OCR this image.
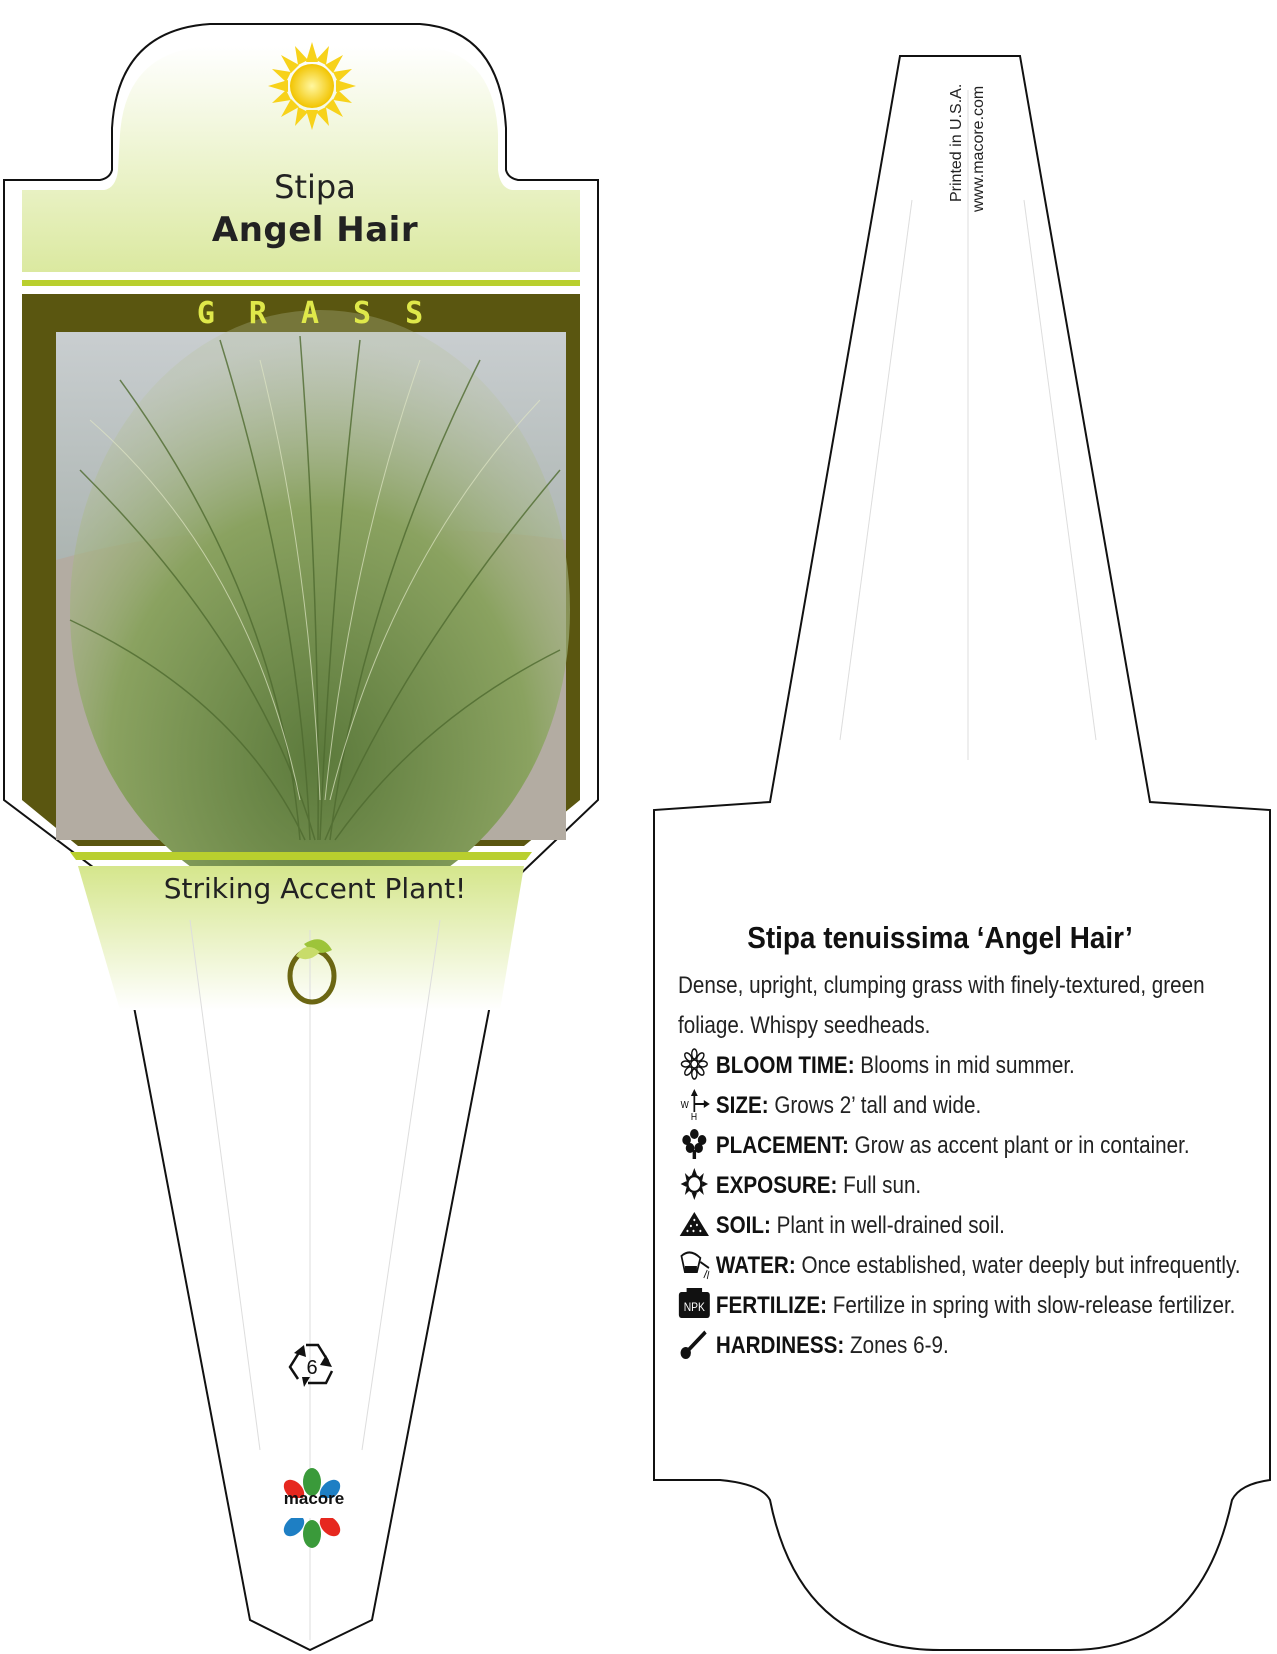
Stipa
Angel Hair
GRASS
Striking Accent Plant!
6
macore
Printed in U.S.A. www.macore.com
Stipa tenuissima ‘Angel Hair’
Dense, upright, clumping grass with finely-textured, green foliage. Whispy seedheads.
BLOOM TIME: Blooms in mid summer.
W
H SIZE: Grows 2’ tall and wide.
PLACEMENT: Grow as accent plant or in container.
EXPOSURE: Full sun.
SOIL: Plant in well-drained soil.
WATER: Once established, water deeply but infrequently.
NPK FERTILIZE: Fertilize in spring with slow-release fertilizer.
HARDINESS: Zones 6-9.
